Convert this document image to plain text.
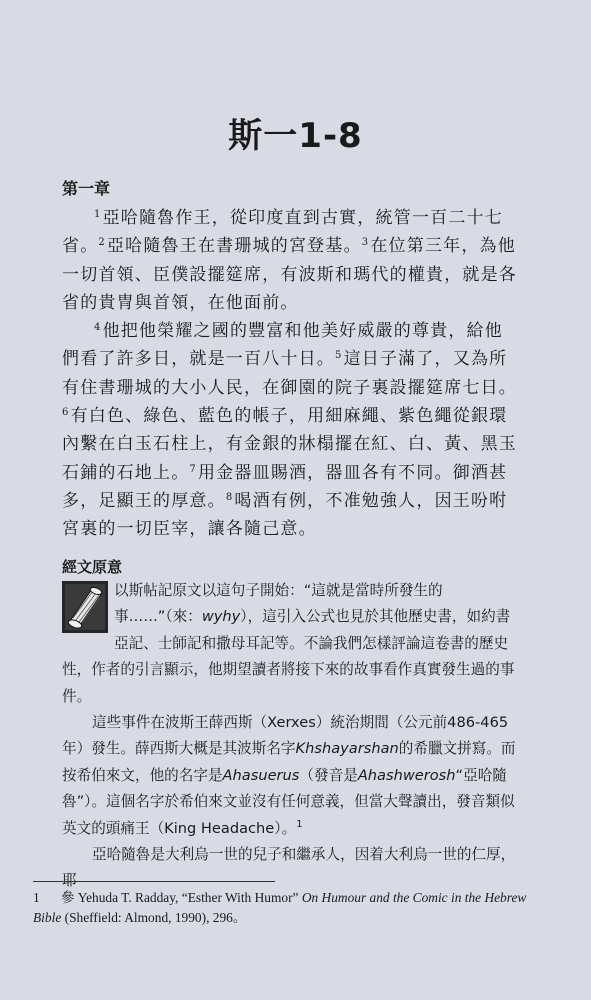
斯一1-8
第一章

$^1$亞哈隨魯作王，從印度直到古實，統管一百二十七省。$^2$亞哈隨魯王在書珊城的宮登基。$^3$在位第三年，為他一切首領、臣僕設擺筵席，有波斯和瑪代的權貴，就是各省的貴冑與首領，在他面前。

$^4$他把他榮耀之國的豐富和他美好威嚴的尊貴，給他們看了許多日，就是一百八十日。$^5$這日子滿了，又為所有住書珊城的大小人民，在御園的院子裏設擺筵席七日。$^6$有白色、綠色、藍色的帳子，用細麻繩、紫色繩從銀環內繫在白玉石柱上，有金銀的牀榻擺在紅、白、黃、黑玉石鋪的石地上。$^7$用金器皿賜酒，器皿各有不同。御酒甚多，足顯王的厚意。$^8$喝酒有例，不准勉強人，因王吩咐宮裏的一切臣宰，讓各隨己意。

經文原意

以斯帖記原文以這句子開始：“這就是當時所發生的事……”（來：wyhy），這引入公式也見於其他歷史書，如約書亞記、士師記和撒母耳記等。不論我們怎樣評論這卷書的歷史性，作者的引言顯示，他期望讀者將接下來的故事看作真實發生過的事件。

這些事件在波斯王薛西斯（Xerxes）統治期間（公元前486-465年）發生。薛西斯大概是其波斯名字Khshayarshan的希臘文拼寫。而按希伯來文，他的名字是Ahasuerus（發音是Ahashwerosh“亞哈隨魯”）。這個名字於希伯來文並沒有任何意義，但當大聲讀出，發音類似英文的頭痛王（King Headache）。$^1$

亞哈隨魯是大利烏一世的兒子和繼承人，因着大利烏一世的仁厚，耶

1 參 Yehuda T. Radday, “Esther With Humor” On Humour and the Comic in the Hebrew Bible (Sheffield: Almond, 1990), 296。
